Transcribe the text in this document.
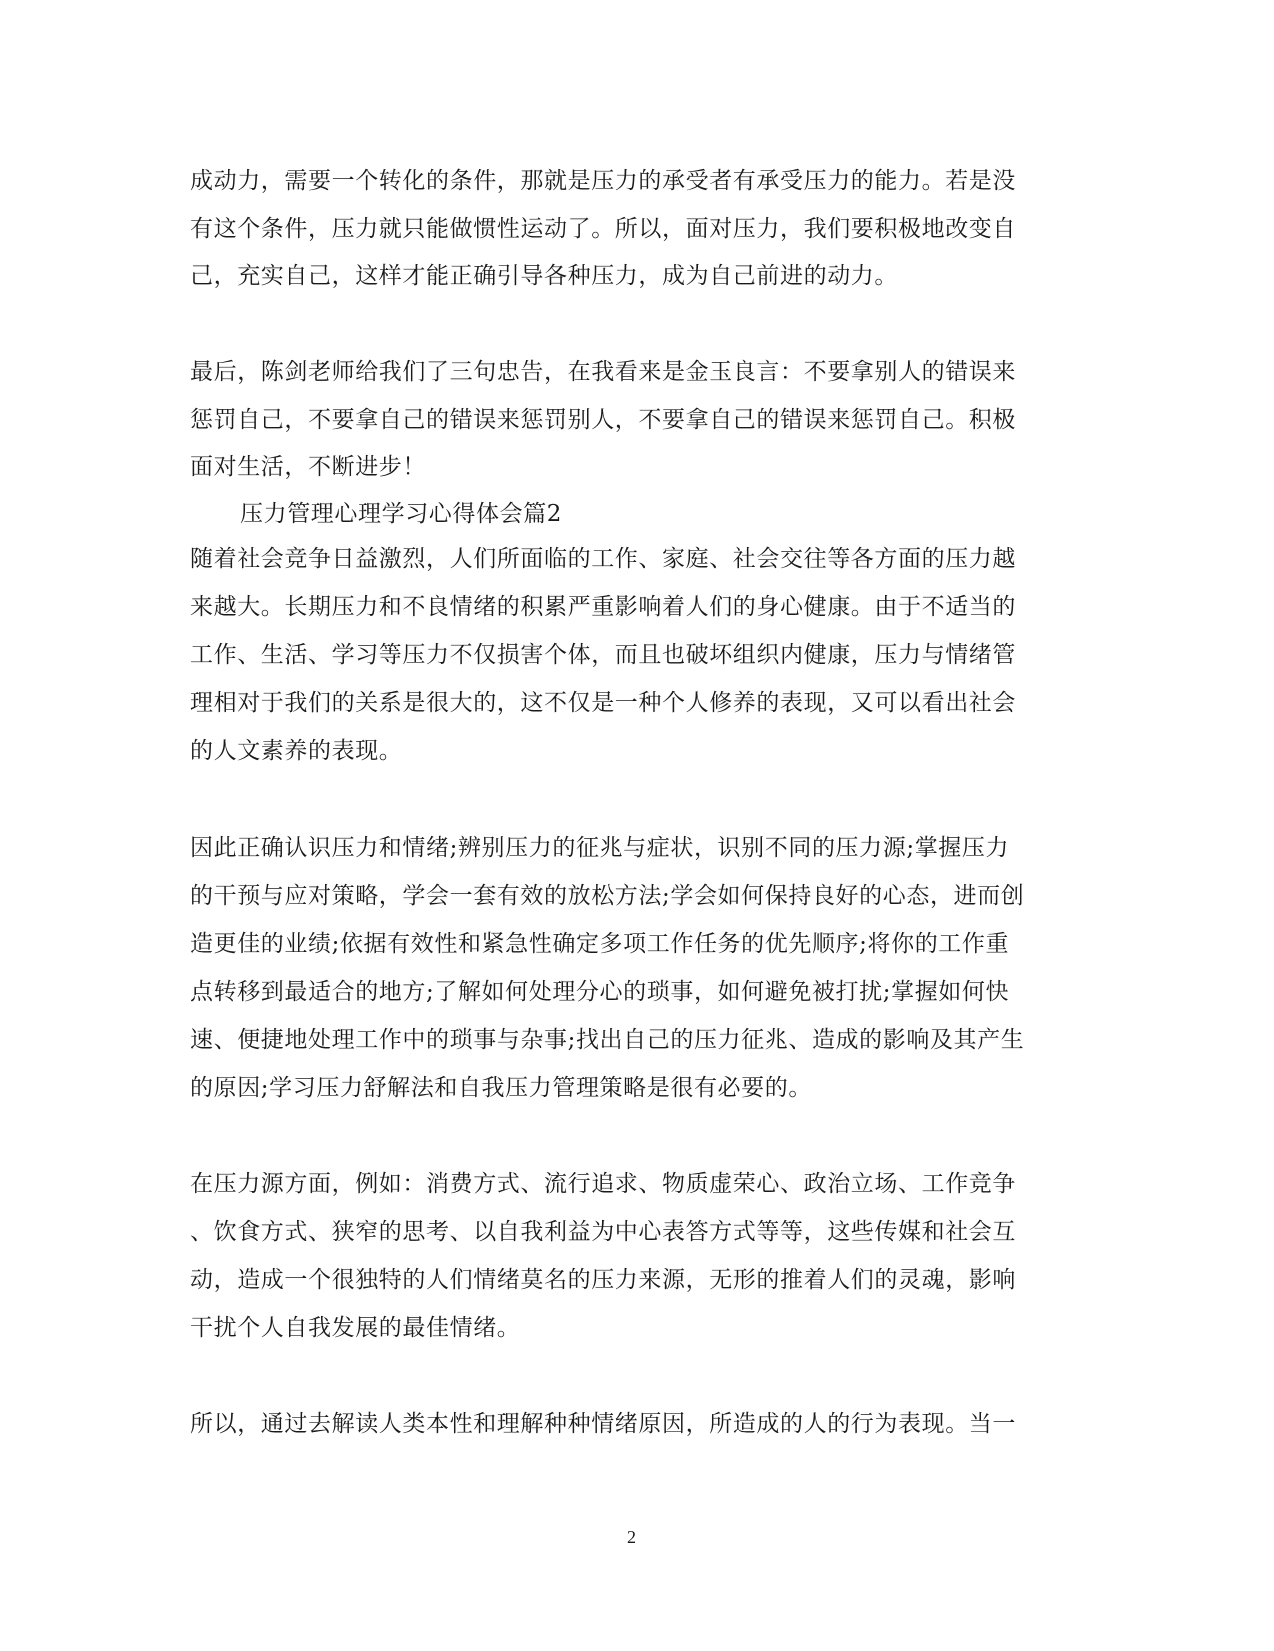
成动力，需要一个转化的条件，那就是压力的承受者有承受压力的能力。若是没
有这个条件，压力就只能做惯性运动了。所以，面对压力，我们要积极地改变自
己，充实自己，这样才能正确引导各种压力，成为自己前进的动力。
最后，陈剑老师给我们了三句忠告，在我看来是金玉良言：不要拿别人的错误来
惩罚自己，不要拿自己的错误来惩罚别人，不要拿自己的错误来惩罚自己。积极
面对生活，不断进步！
压力管理心理学习心得体会篇2
随着社会竞争日益激烈，人们所面临的工作、家庭、社会交往等各方面的压力越
来越大。长期压力和不良情绪的积累严重影响着人们的身心健康。由于不适当的
工作、生活、学习等压力不仅损害个体，而且也破坏组织内健康，压力与情绪管
理相对于我们的关系是很大的，这不仅是一种个人修养的表现，又可以看出社会
的人文素养的表现。
因此正确认识压力和情绪;辨别压力的征兆与症状，识别不同的压力源;掌握压力
的干预与应对策略，学会一套有效的放松方法;学会如何保持良好的心态，进而创
造更佳的业绩;依据有效性和紧急性确定多项工作任务的优先顺序;将你的工作重
点转移到最适合的地方;了解如何处理分心的琐事，如何避免被打扰;掌握如何快
速、便捷地处理工作中的琐事与杂事;找出自己的压力征兆、造成的影响及其产生
的原因;学习压力舒解法和自我压力管理策略是很有必要的。
在压力源方面，例如：消费方式、流行追求、物质虚荣心、政治立场、工作竞争
、饮食方式、狭窄的思考、以自我利益为中心表答方式等等，这些传媒和社会互
动，造成一个很独特的人们情绪莫名的压力来源，无形的推着人们的灵魂，影响
干扰个人自我发展的最佳情绪。
所以，通过去解读人类本性和理解种种情绪原因，所造成的人的行为表现。当一
2
